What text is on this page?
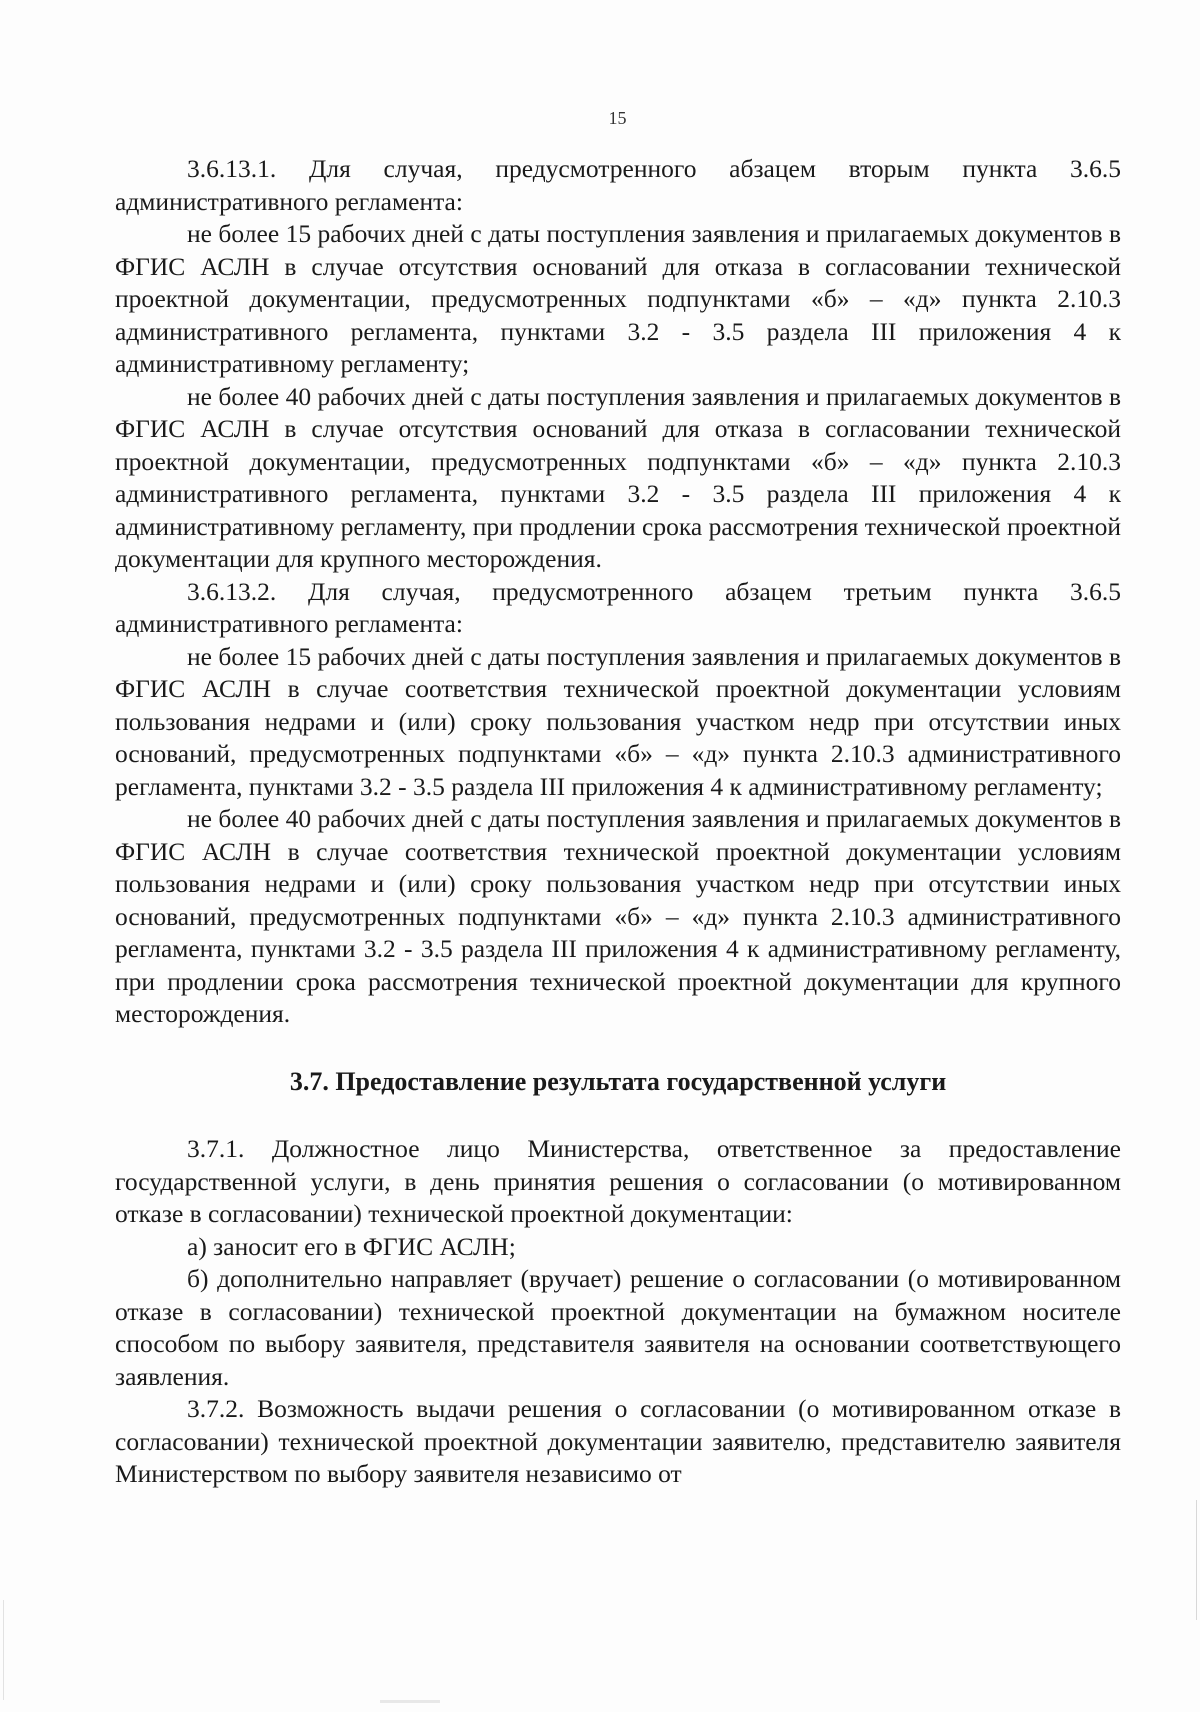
15

3.6.13.1. Для случая, предусмотренного абзацем вторым пункта 3.6.5 административного регламента:

не более 15 рабочих дней с даты поступления заявления и прилагаемых документов в ФГИС АСЛН в случае отсутствия оснований для отказа в согласовании технической проектной документации, предусмотренных подпунктами «б» – «д» пункта 2.10.3 административного регламента, пунктами 3.2 - 3.5 раздела III приложения 4 к административному регламенту;

не более 40 рабочих дней с даты поступления заявления и прилагаемых документов в ФГИС АСЛН в случае отсутствия оснований для отказа в согласовании технической проектной документации, предусмотренных подпунктами «б» – «д» пункта 2.10.3 административного регламента, пунктами 3.2 - 3.5 раздела III приложения 4 к административному регламенту, при продлении срока рассмотрения технической проектной документации для крупного месторождения.

3.6.13.2. Для случая, предусмотренного абзацем третьим пункта 3.6.5 административного регламента:

не более 15 рабочих дней с даты поступления заявления и прилагаемых документов в ФГИС АСЛН в случае соответствия технической проектной документации условиям пользования недрами и (или) сроку пользования участком недр при отсутствии иных оснований, предусмотренных подпунктами «б» – «д» пункта 2.10.3 административного регламента, пунктами 3.2 - 3.5 раздела III приложения 4 к административному регламенту;

не более 40 рабочих дней с даты поступления заявления и прилагаемых документов в ФГИС АСЛН в случае соответствия технической проектной документации условиям пользования недрами и (или) сроку пользования участком недр при отсутствии иных оснований, предусмотренных подпунктами «б» – «д» пункта 2.10.3 административного регламента, пунктами 3.2 - 3.5 раздела III приложения 4 к административному регламенту, при продлении срока рассмотрения технической проектной документации для крупного месторождения.

3.7. Предоставление результата государственной услуги

3.7.1. Должностное лицо Министерства, ответственное за предоставление государственной услуги, в день принятия решения о согласовании (о мотивированном отказе в согласовании) технической проектной документации:

а) заносит его в ФГИС АСЛН;

б) дополнительно направляет (вручает) решение о согласовании (о мотивированном отказе в согласовании) технической проектной документации на бумажном носителе способом по выбору заявителя, представителя заявителя на основании соответствующего заявления.

3.7.2. Возможность выдачи решения о согласовании (о мотивированном отказе в согласовании) технической проектной документации заявителю, представителю заявителя Министерством по выбору заявителя независимо от
